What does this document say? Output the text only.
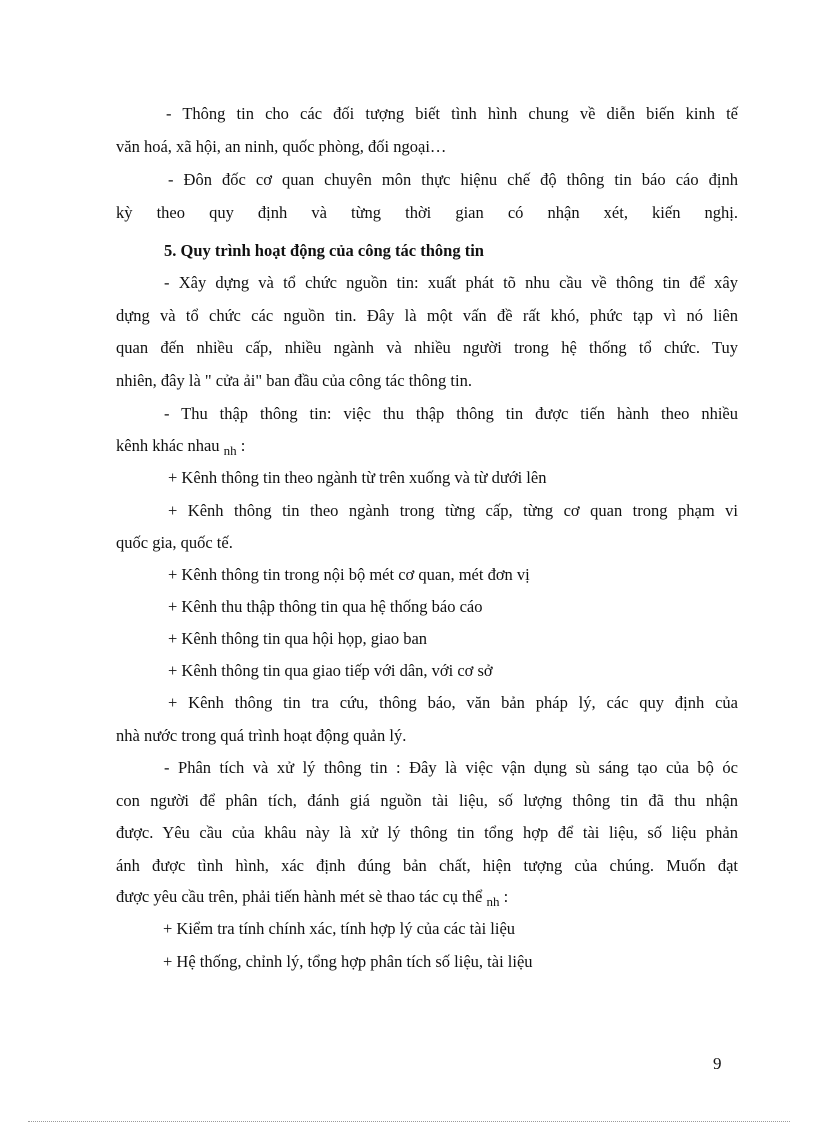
- Thông tin cho các đối tượng biết tình hình chung về diễn biến kinh tế
văn hoá, xã hội, an ninh, quốc phòng, đối ngoại…
- Đôn đốc cơ quan chuyên môn thực hiệnu chế độ thông tin báo cáo định
kỳ theo quy định và từng thời gian có nhận xét, kiến nghị.
5. Quy trình hoạt động của công tác thông tin
- Xây dựng và tổ chức nguồn tin: xuất phát tõ nhu cầu về thông tin để xây
dựng và tổ chức các nguồn tin. Đây là một vấn đề rất khó, phức tạp vì nó liên
quan đến nhiều cấp, nhiều ngành và nhiều người trong hệ thống tổ chức. Tuy
nhiên, đây là " cửa ải" ban đầu của công tác thông tin.
- Thu thập thông tin: việc thu thập thông tin được tiến hành theo nhiều
kênh khác nhau $_{nh}$ :
+ Kênh thông tin theo ngành từ trên xuống và từ dưới lên
+ Kênh thông tin theo ngành trong từng cấp, từng cơ quan trong phạm vi
quốc gia, quốc tế.
+ Kênh thông tin trong nội bộ mét cơ quan, mét đơn vị
+ Kênh thu thập thông tin qua hệ thống báo cáo
+ Kênh thông tin qua hội họp, giao ban
+ Kênh thông tin qua giao tiếp với dân, với cơ sở
+ Kênh thông tin tra cứu, thông báo, văn bản pháp lý, các quy định của
nhà nước trong quá trình hoạt động quản lý.
- Phân tích và xử lý thông tin : Đây là việc vận dụng sù sáng tạo của bộ óc
con người để phân tích, đánh giá nguồn tài liệu, số lượng thông tin đã thu nhận
được. Yêu cầu của khâu này là xử lý thông tin tổng hợp để tài liệu, số liệu phản
ánh được tình hình, xác định đúng bản chất, hiện tượng của chúng. Muốn đạt
được yêu cầu trên, phải tiến hành mét sè thao tác cụ thể $_{nh}$ :
+ Kiểm tra tính chính xác, tính hợp lý của các tài liệu
+ Hệ thống, chỉnh lý, tổng hợp phân tích số liệu, tài liệu
9
